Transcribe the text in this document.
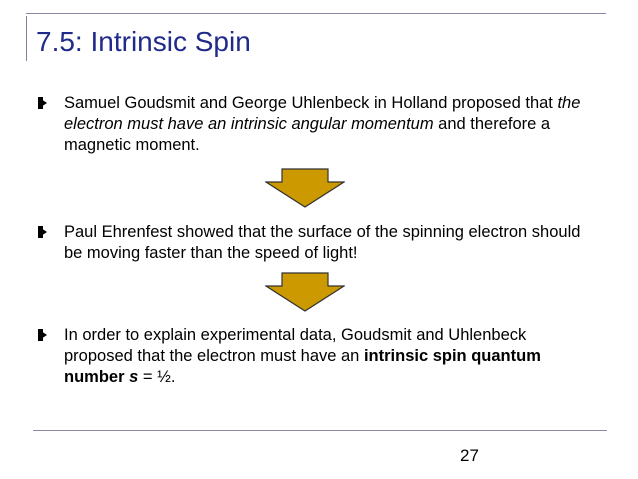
7.5: Intrinsic Spin
Samuel Goudsmit and George Uhlenbeck in Holland proposed that the electron must have an intrinsic angular momentum and therefore a magnetic moment.
Paul Ehrenfest showed that the surface of the spinning electron should be moving faster than the speed of light!
In order to explain experimental data, Goudsmit and Uhlenbeck proposed that the electron must have an intrinsic spin quantum number s = ½.
27
